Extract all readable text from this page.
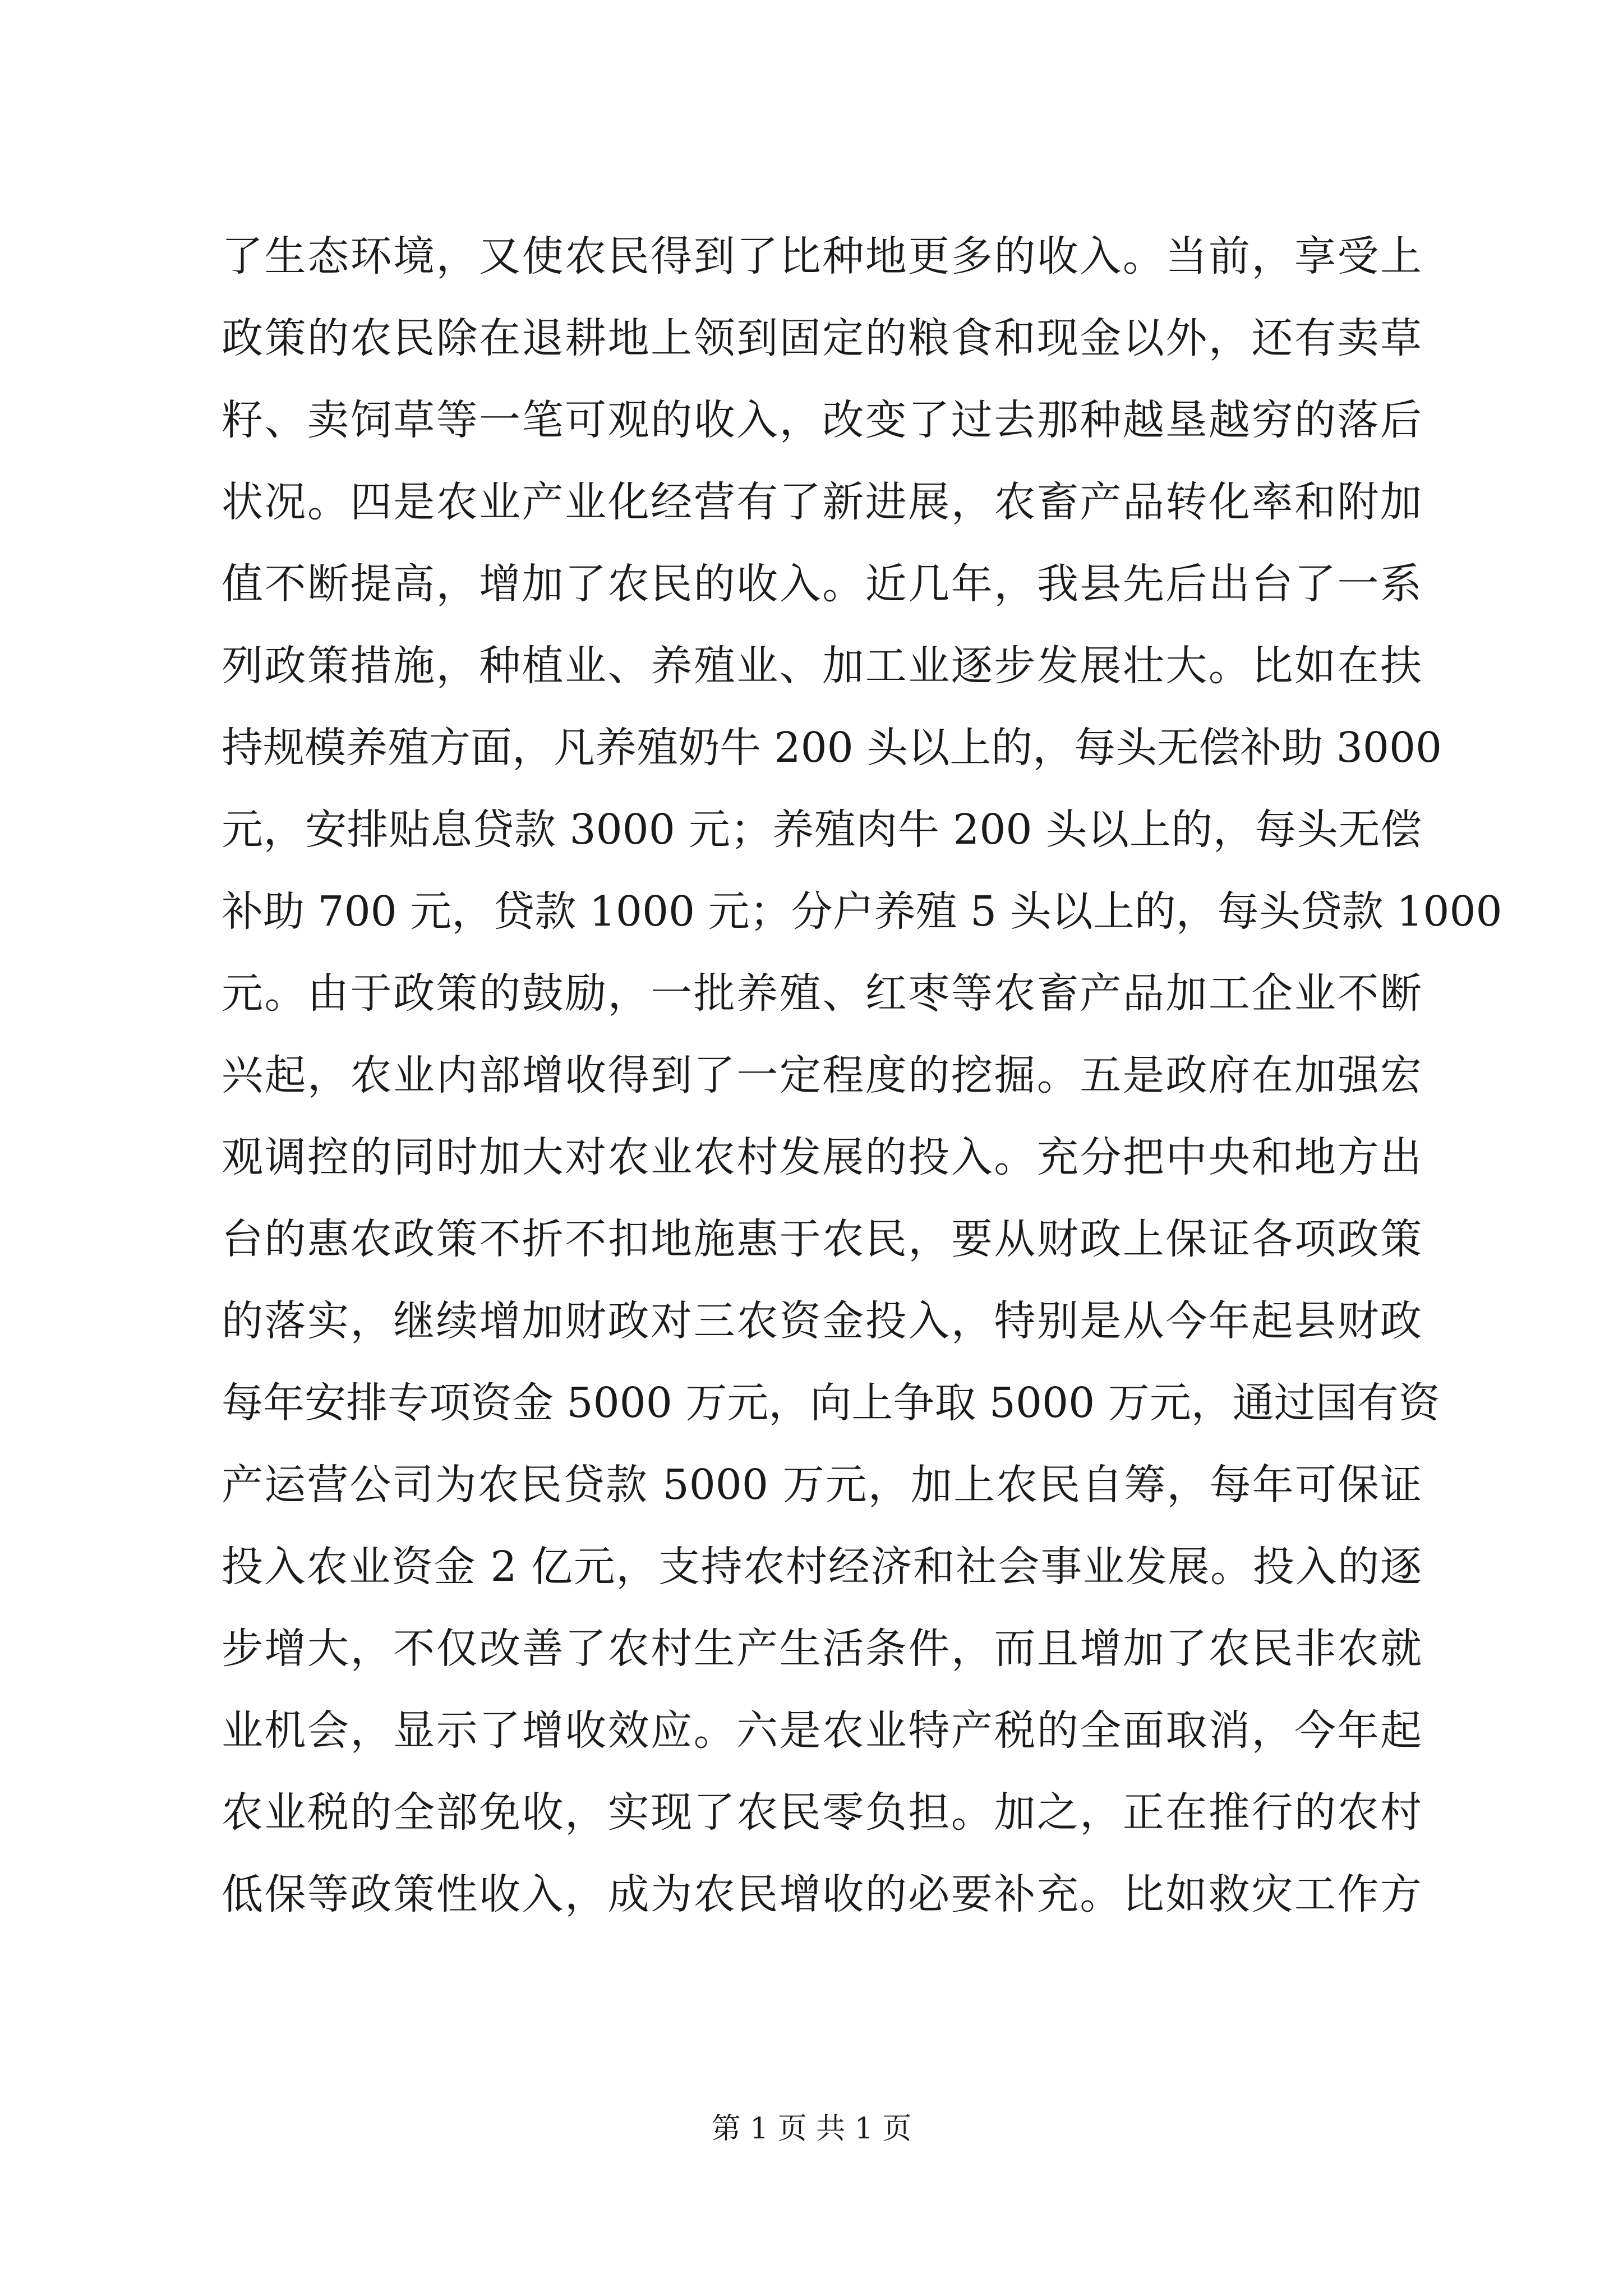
了生态环境，又使农民得到了比种地更多的收入。当前，享受上
政策的农民除在退耕地上领到固定的粮食和现金以外，还有卖草
籽、卖饲草等一笔可观的收入，改变了过去那种越垦越穷的落后
状况。四是农业产业化经营有了新进展，农畜产品转化率和附加
值不断提高，增加了农民的收入。近几年，我县先后出台了一系
列政策措施，种植业、养殖业、加工业逐步发展壮大。比如在扶
持规模养殖方面，凡养殖奶牛 200 头以上的，每头无偿补助 3000
元，安排贴息贷款 3000 元；养殖肉牛 200 头以上的，每头无偿
补助 700 元，贷款 1000 元；分户养殖 5 头以上的，每头贷款 1000
元。由于政策的鼓励，一批养殖、红枣等农畜产品加工企业不断
兴起，农业内部增收得到了一定程度的挖掘。五是政府在加强宏
观调控的同时加大对农业农村发展的投入。充分把中央和地方出
台的惠农政策不折不扣地施惠于农民，要从财政上保证各项政策
的落实，继续增加财政对三农资金投入，特别是从今年起县财政
每年安排专项资金 5000 万元，向上争取 5000 万元，通过国有资
产运营公司为农民贷款 5000 万元，加上农民自筹，每年可保证
投入农业资金 2 亿元，支持农村经济和社会事业发展。投入的逐
步增大，不仅改善了农村生产生活条件，而且增加了农民非农就
业机会，显示了增收效应。六是农业特产税的全面取消，今年起
农业税的全部免收，实现了农民零负担。加之，正在推行的农村
低保等政策性收入，成为农民增收的必要补充。比如救灾工作方
第 1 页 共 1 页
